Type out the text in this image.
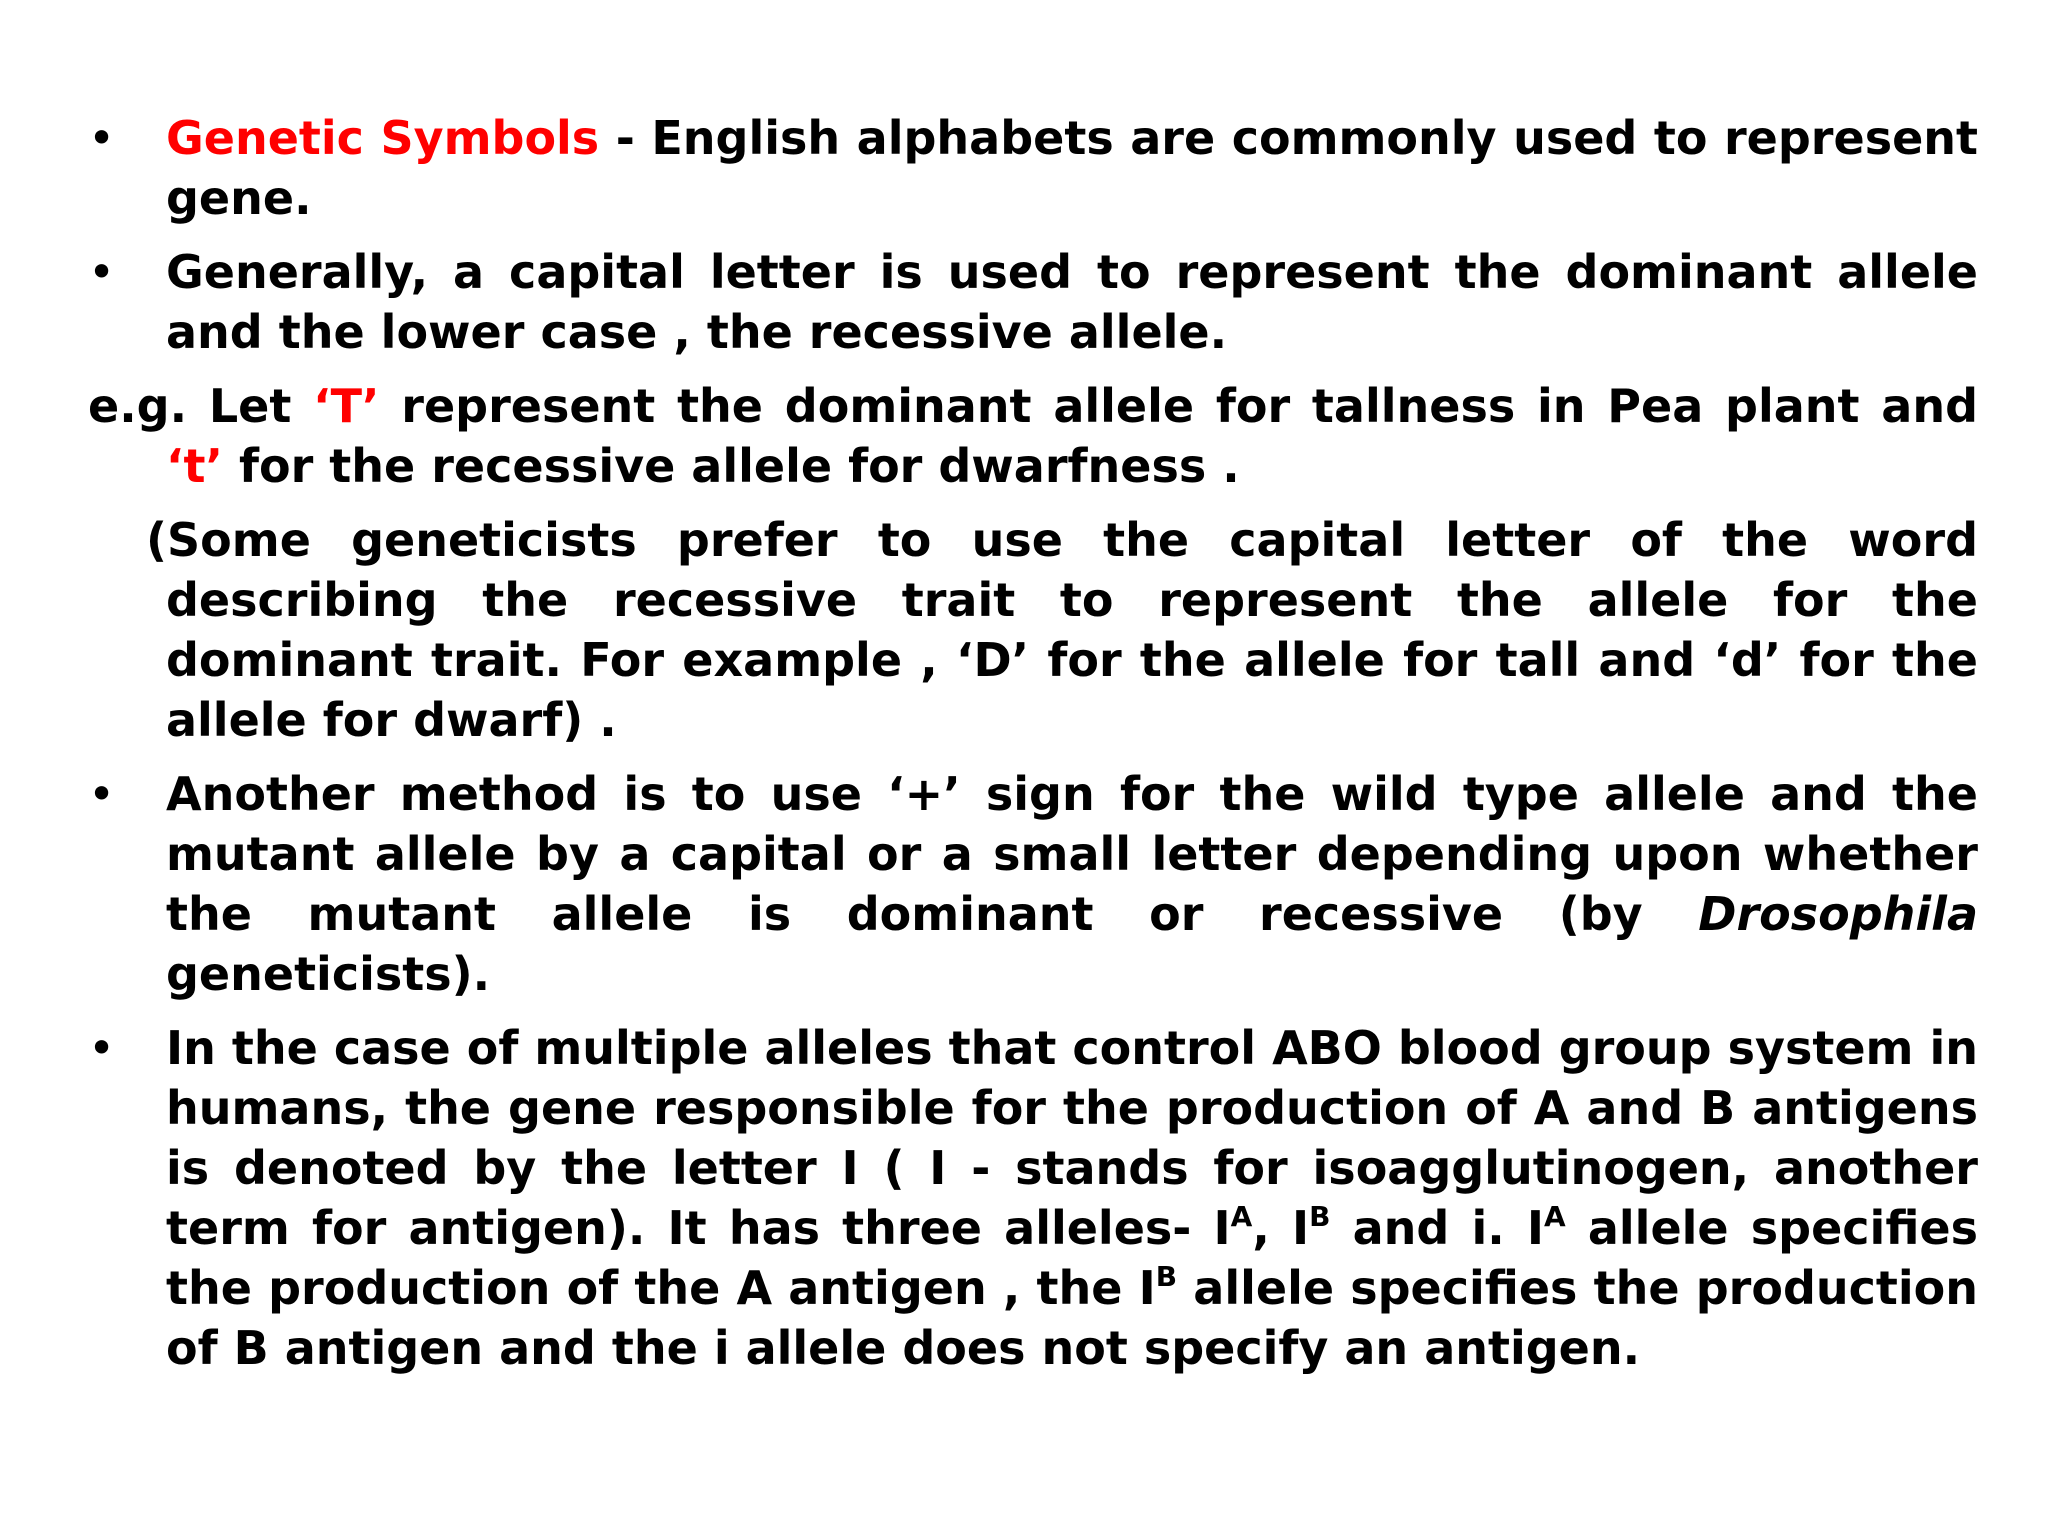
• Genetic Symbols - English alphabets are commonly used to represent gene.
• Generally, a capital letter is used to represent the dominant allele and the lower case , the recessive allele.
e.g. Let ‘T’ represent the dominant allele for tallness in Pea plant and ‘t’ for the recessive allele for dwarfness .
(Some geneticists prefer to use the capital letter of the word describing the recessive trait to represent the allele for the dominant trait. For example , ‘D’ for the allele for tall and ‘d’ for the allele for dwarf) .
• Another method is to use ‘+’ sign for the wild type allele and the mutant allele by a capital or a small letter depending upon whether the mutant allele is dominant or recessive (by Drosophila geneticists).
• In the case of multiple alleles that control ABO blood group system in humans, the gene responsible for the production of A and B antigens is denoted by the letter I ( I - stands for isoagglutinogen, another term for antigen). It has three alleles- $I^A$, $I^B$ and i. $I^A$ allele specifies the production of the A antigen , the $I^B$ allele specifies the production of B antigen and the i allele does not specify an antigen.
